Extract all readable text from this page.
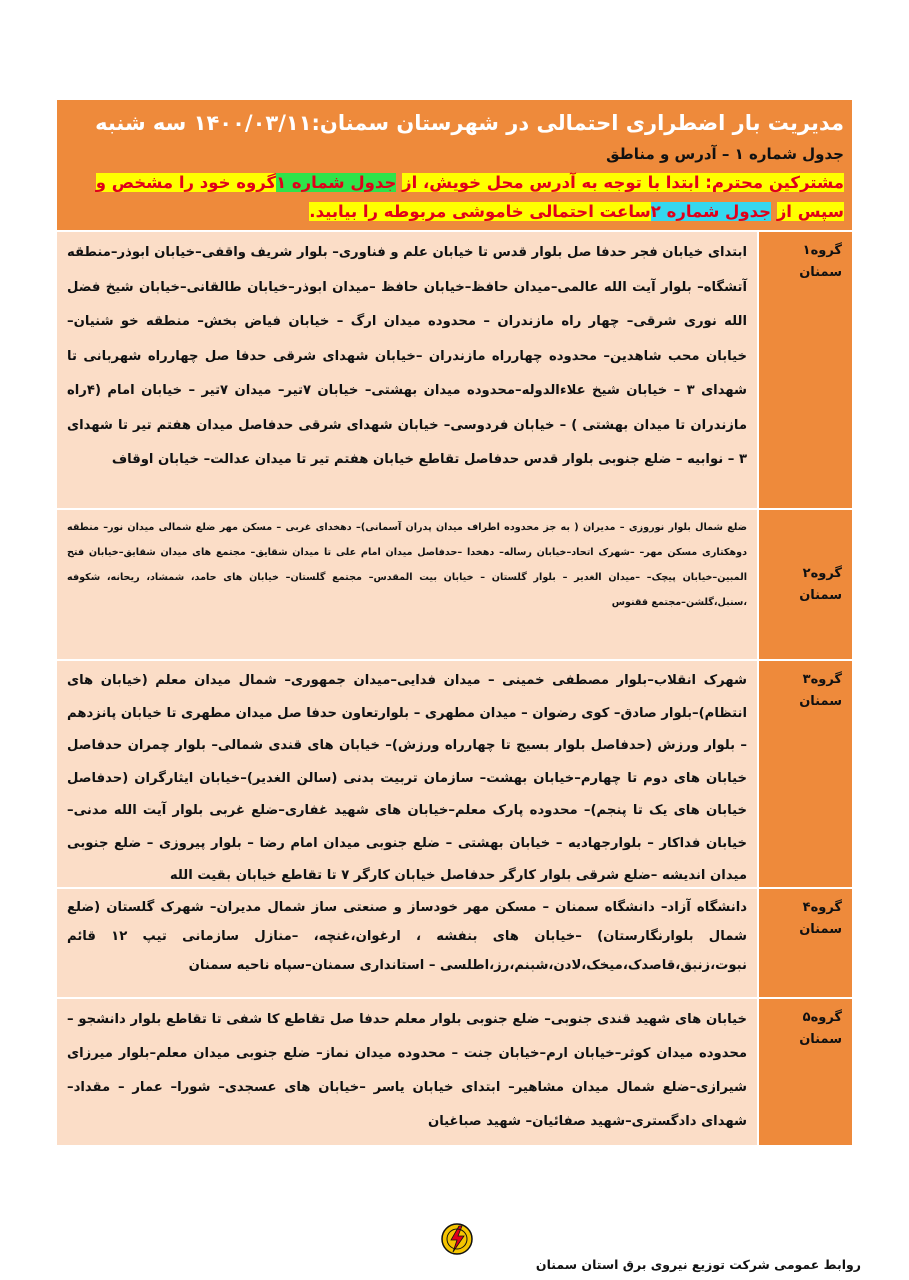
مدیریت بار اضطراری احتمالی در شهرستان سمنان:۱۴۰۰/۰۳/۱۱ سه شنبه
جدول شماره ۱ – آدرس و مناطق
مشترکین محترم: ابتدا با توجه به آدرس محل خویش، از جدول شماره ۱گروه خود را مشخص و سپس از جدول شماره ۲ساعت احتمالی خاموشی مربوطه را بیابید.
گروه۱
سمنان
ابتدای خیابان فجر حدفا صل بلوار قدس تا خیابان علم و فناوری– بلوار شریف واقفی–خیابان ابوذر–منطقه آتشگاه– بلوار آیت الله عالمی–میدان حافظ–خیابان حافظ –میدان ابوذر–خیابان طالقانی–خیابان شیخ فضل الله نوری شرقی– چهار راه مازندران – محدوده میدان ارگ – خیابان فیاض بخش– منطقه خو شنیان– خیابان محب شاهدین– محدوده چهارراه مازندران –خیابان شهدای شرقی حدفا صل چهارراه شهربانی تا شهدای ۳ – خیابان شیخ علاءالدوله–محدوده میدان بهشتی– خیابان ۷تیر– میدان ۷تیر – خیابان امام (۴راه مازندران تا میدان بهشتی ) – خیابان فردوسی– خیابان شهدای شرقی حدفاصل میدان هفتم تیر تا شهدای ۳ – نوابیه – ضلع جنوبی بلوار قدس حدفاصل تقاطع خیابان هفتم تیر تا میدان عدالت– خیابان اوقاف
گروه۲
سمنان
ضلع شمال بلوار نوروزی – مدیران ( به جز محدوده اطراف میدان پدران آسمانی)– دهخدای غربی – مسکن مهر ضلع شمالی میدان نور– منطقه دوهکتاری مسکن مهر– –شهرک اتحاد–خیابان رساله– دهخدا –حدفاصل میدان امام علی تا میدان شقایق– مجتمع های میدان شقایق–خیابان فتح المبین–خیابان پیچک– –میدان الغدیر – بلوار گلستان – خیابان بیت المقدس– مجتمع گلستان– خیابان های حامد، شمشاد، ریحانه، شکوفه ،سنبل،گلشن–مجتمع ققنوس
گروه۳
سمنان
شهرک انقلاب–بلوار مصطفی خمینی – میدان فدایی–میدان جمهوری– شمال میدان معلم (خیابان های انتظام)–بلوار صادق– کوی رضوان – میدان مطهری – بلوارتعاون حدفا صل میدان مطهری تا خیابان پانزدهم – بلوار ورزش (حدفاصل بلوار بسیج تا چهارراه ورزش)– خیابان های قندی شمالی– بلوار چمران حدفاصل خیابان های دوم تا چهارم–خیابان بهشت– سازمان تربیت بدنی (سالن الغدیر)–خیابان ایثارگران (حدفاصل خیابان های یک تا پنجم)– محدوده پارک معلم–خیابان های شهید غفاری–ضلع غربی بلوار آیت الله مدنی–خیابان فداکار – بلوارجهادیه – خیابان بهشتی – ضلع جنوبی میدان امام رضا – بلوار پیروزی – ضلع جنوبی میدان اندیشه –ضلع شرقی بلوار کارگر حدفاصل خیابان کارگر ۷ تا تقاطع خیابان بقیت الله
گروه۴
سمنان
دانشگاه آزاد– دانشگاه سمنان – مسکن مهر خودساز و صنعتی ساز شمال مدیران– شهرک گلستان (ضلع شمال بلوارنگارستان) –خیابان های بنفشه ، ارغوان،غنچه، –منازل سازمانی تیپ ۱۲ قائم نبوت،زنبق،قاصدک،میخک،لادن،شبنم،رز،اطلسی – استانداری سمنان–سپاه ناحیه سمنان
گروه۵
سمنان
خیابان های شهید قندی جنوبی– ضلع جنوبی بلوار معلم حدفا صل تقاطع کا شفی تا تقاطع بلوار دانشجو – محدوده میدان کوثر–خیابان ارم–خیابان جنت – محدوده میدان نماز– ضلع جنوبی میدان معلم–بلوار میرزای شیرازی–ضلع شمال میدان مشاهیر– ابتدای خیابان یاسر –خیابان های عسجدی– شورا– عمار – مقداد– شهدای دادگستری–شهید صفائیان– شهید صباغیان
روابط عمومی شرکت توزیع نیروی برق استان سمنان
